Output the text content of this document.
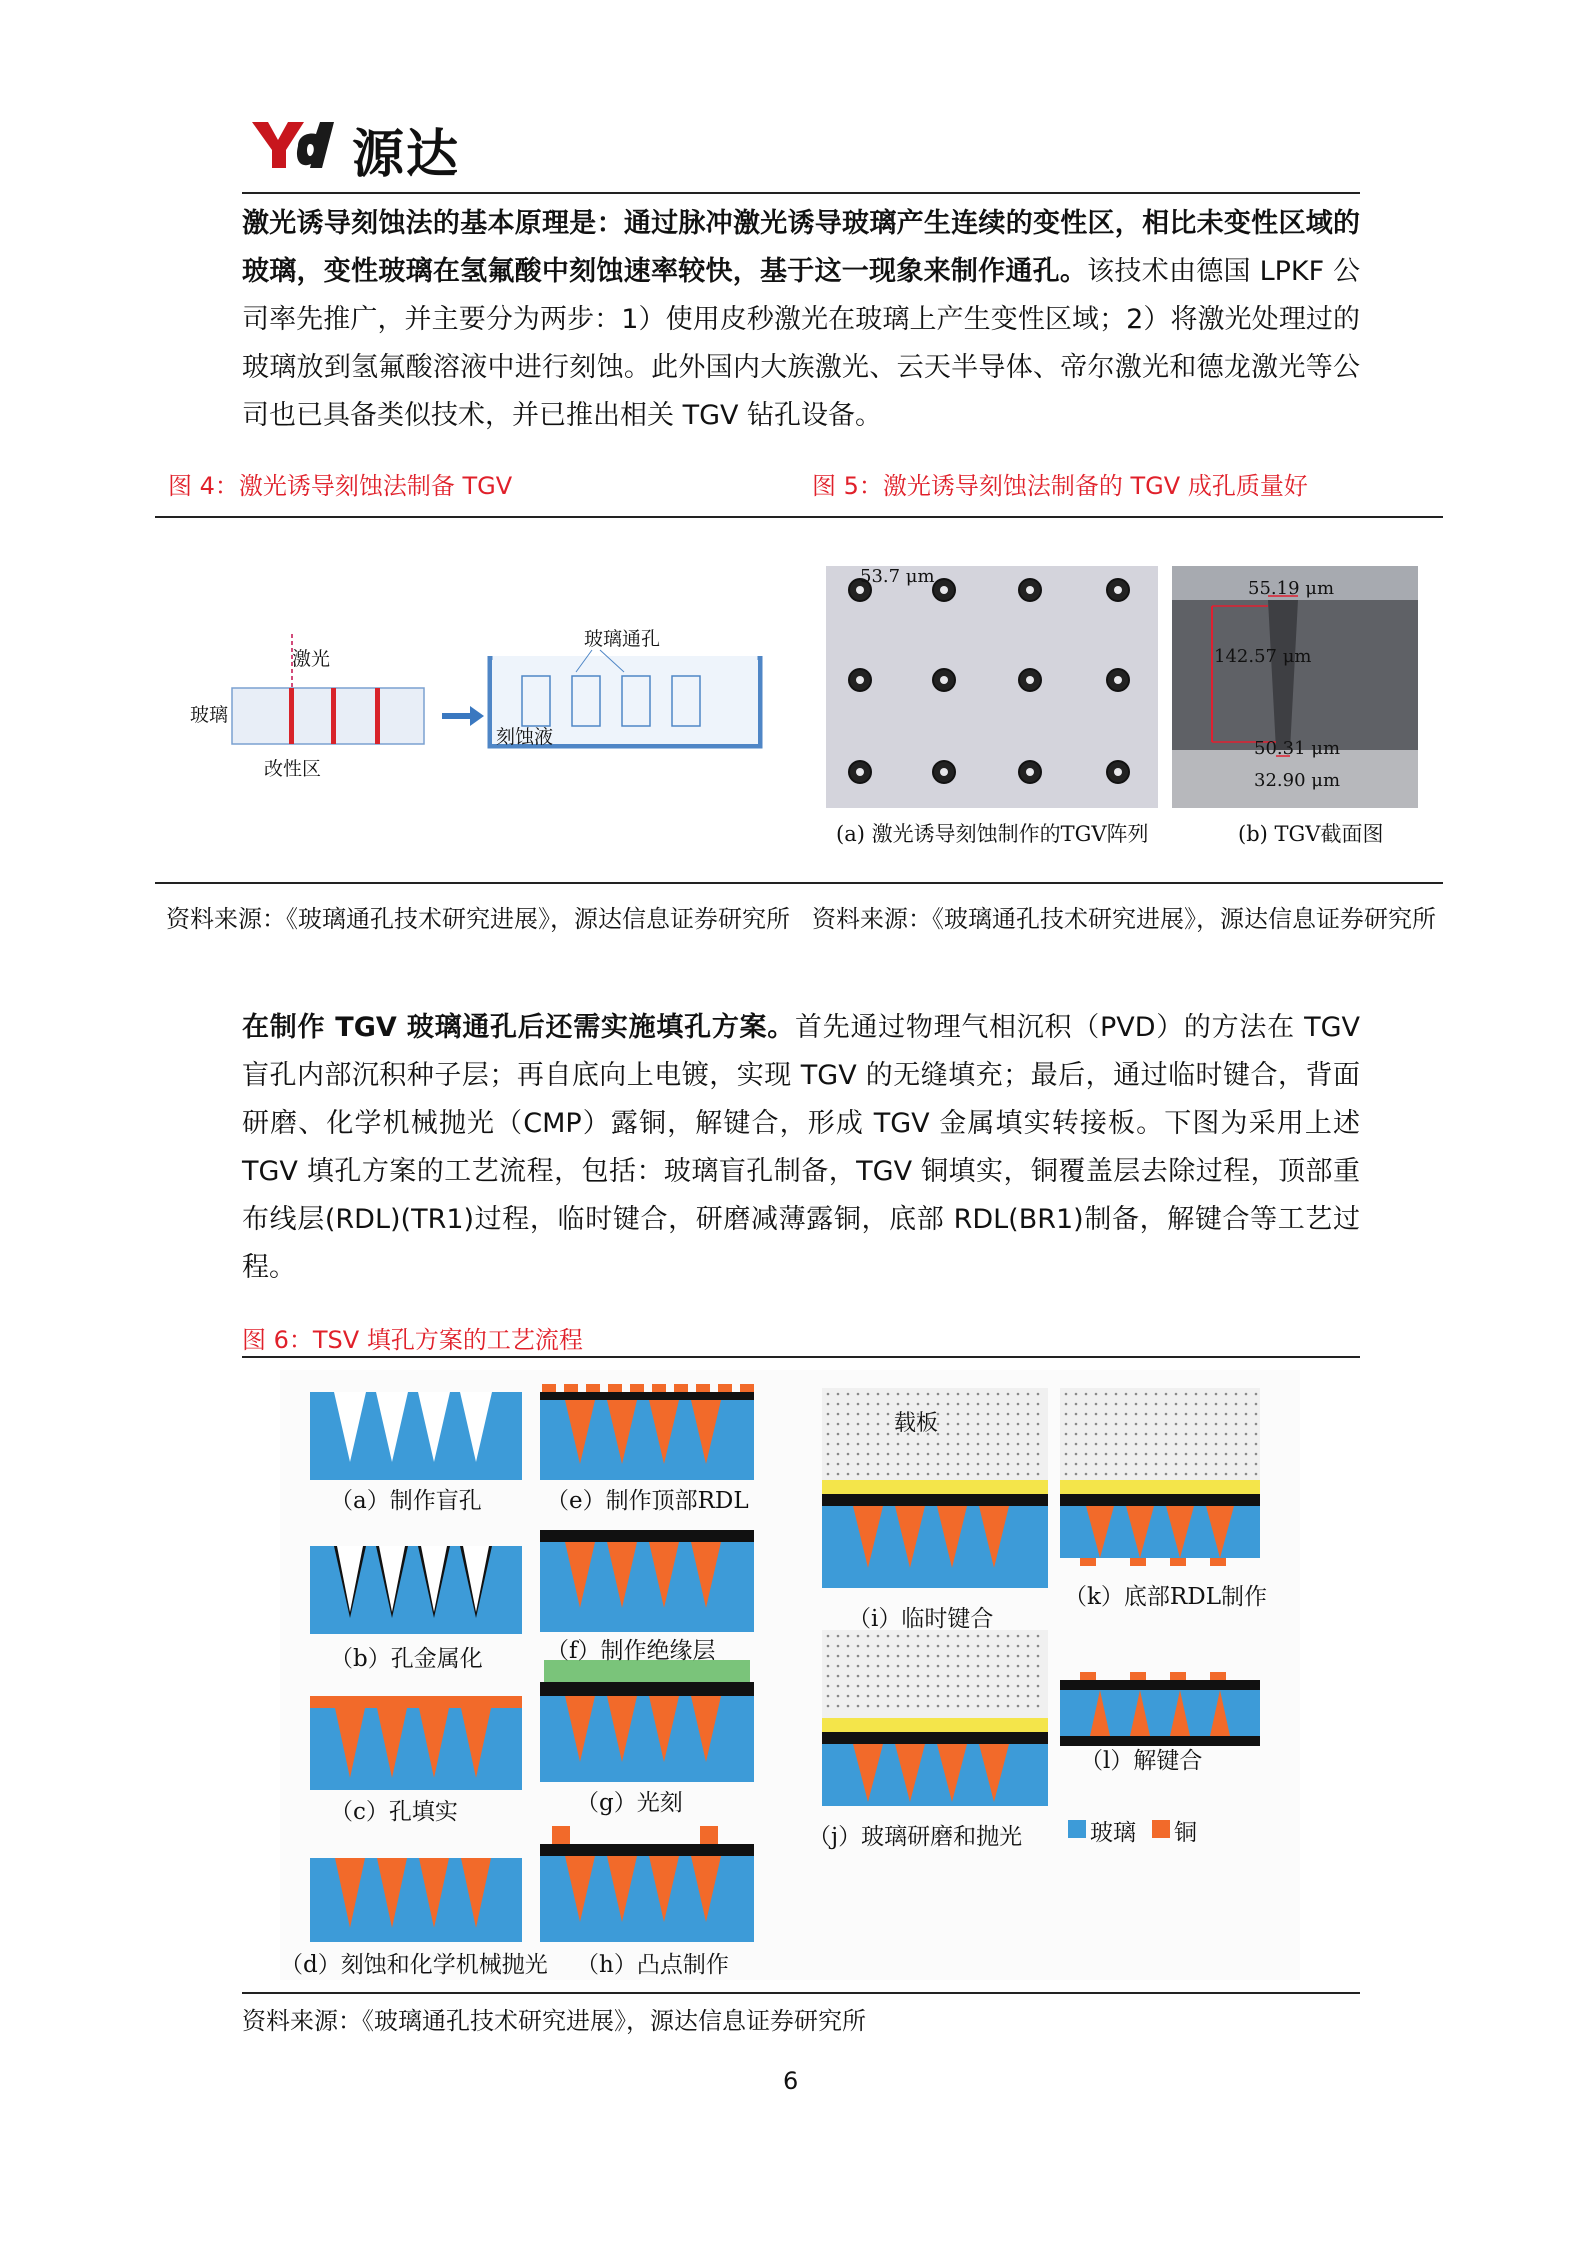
源达
激光诱导刻蚀法的基本原理是：通过脉冲激光诱导玻璃产生连续的变性区，相比未变性区域的玻璃，变性玻璃在氢氟酸中刻蚀速率较快，基于这一现象来制作通孔。该技术由德国 LPKF 公司率先推广，并主要分为两步：1）使用皮秒激光在玻璃上产生变性区域；2）将激光处理过的玻璃放到氢氟酸溶液中进行刻蚀。此外国内大族激光、云天半导体、帝尔激光和德龙激光等公司也已具备类似技术，并已推出相关 TGV 钻孔设备。
图 4：激光诱导刻蚀法制备 TGV	图 5：激光诱导刻蚀法制备的 TGV 成孔质量好
激光
玻璃
改性区
玻璃通孔
刻蚀液
53.7 μm
55.19 μm
142.57 μm
50.31 μm
32.90 μm
(a) 激光诱导刻蚀制作的TGV阵列	(b) TGV截面图
资料来源：《玻璃通孔技术研究进展》，源达信息证券研究所 资料来源：《玻璃通孔技术研究进展》，源达信息证券研究所
在制作 TGV 玻璃通孔后还需实施填孔方案。首先通过物理气相沉积（PVD）的方法在 TGV 盲孔内部沉积种子层；再自底向上电镀，实现 TGV 的无缝填充；最后，通过临时键合，背面研磨、化学机械抛光（CMP）露铜，解键合，形成 TGV 金属填实转接板。下图为采用上述 TGV 填孔方案的工艺流程，包括：玻璃盲孔制备，TGV 铜填实，铜覆盖层去除过程，顶部重布线层(RDL)(TR1)过程，临时键合，研磨减薄露铜，底部 RDL(BR1)制备，解键合等工艺过程。
图 6：TSV 填孔方案的工艺流程
（a）制作盲孔
（b）孔金属化
（c）孔填实
（d）刻蚀和化学机械抛光
（e）制作顶部RDL
（f）制作绝缘层
（g）光刻
（h）凸点制作
（i）临时键合
（j）玻璃研磨和抛光
（k）底部RDL制作
（l）解键合
载板
玻璃 铜
资料来源：《玻璃通孔技术研究进展》，源达信息证券研究所
6
